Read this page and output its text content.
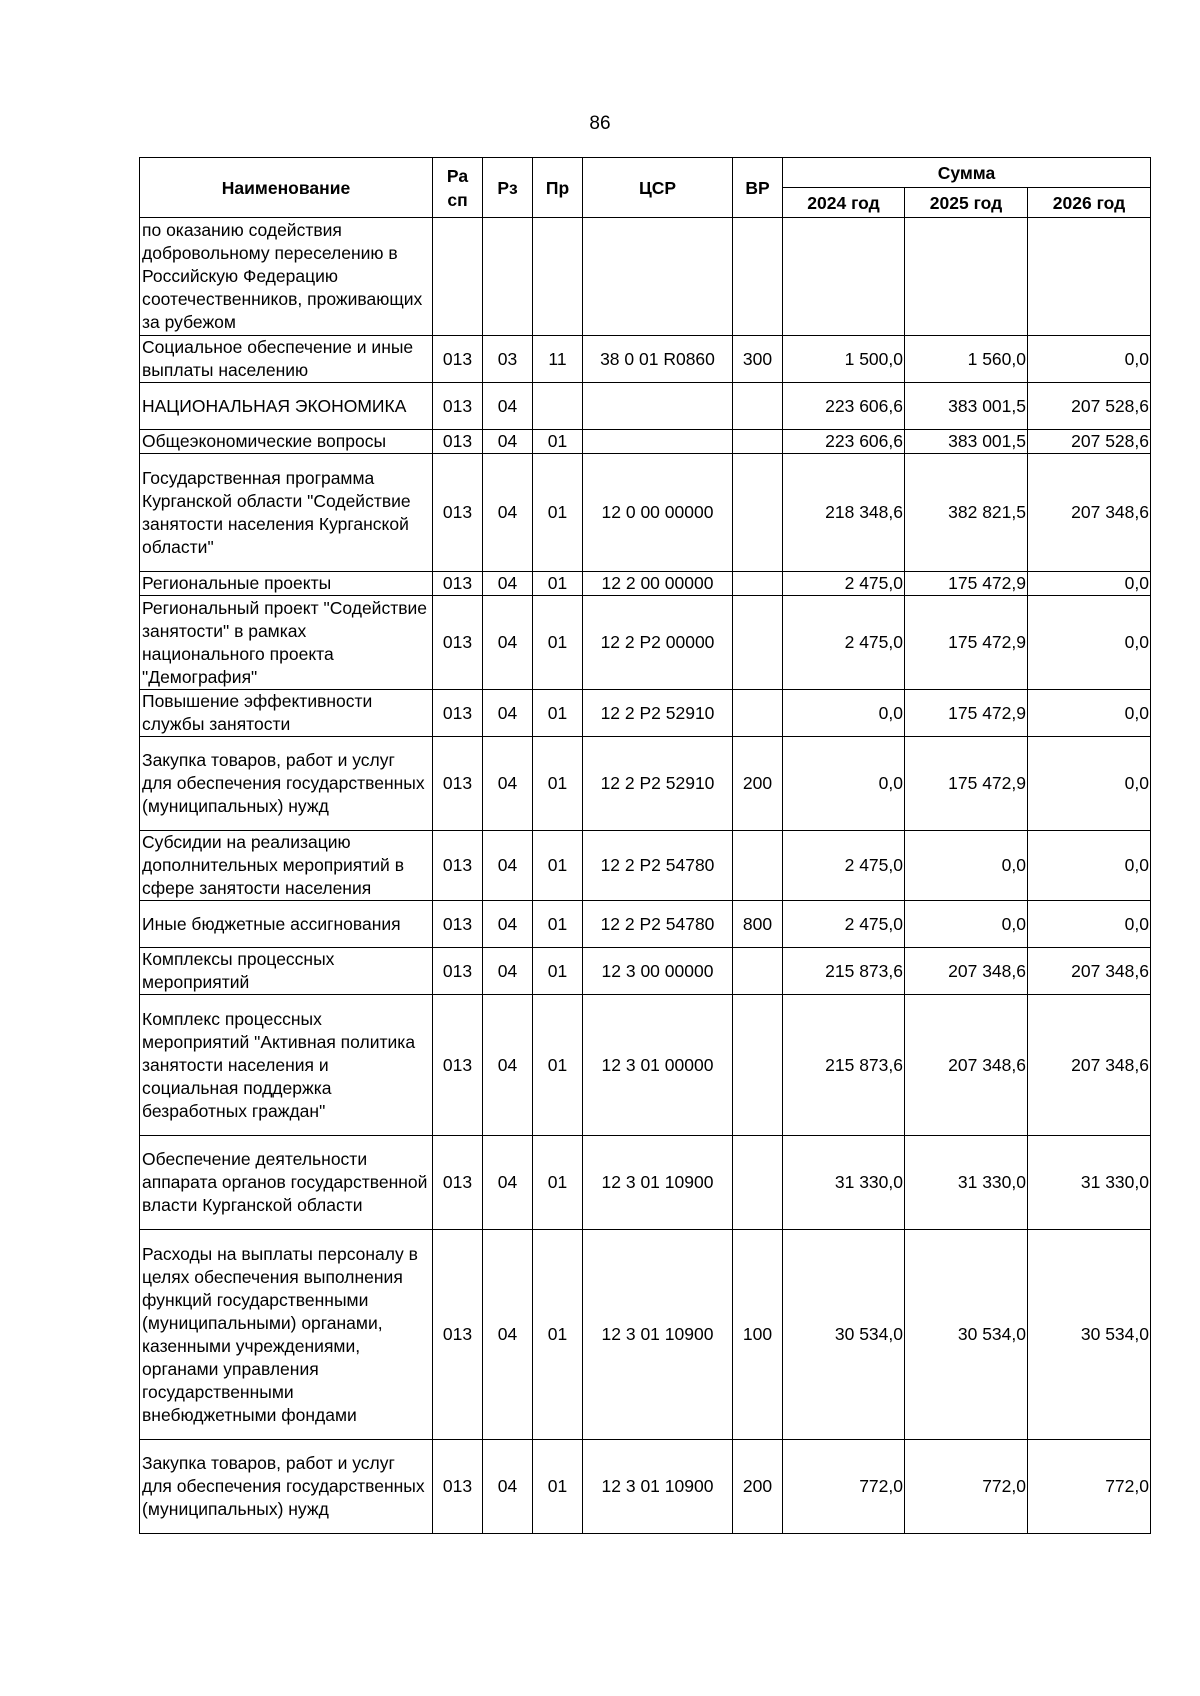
86
Наименование	Ра сп	Рз	Пр	ЦСР	ВР	Сумма		
						2024 год	2025 год	2026 год
по оказанию содействия добровольному переселению в Российскую Федерацию соотечественников, проживающих за рубежом								
Социальное обеспечение и иные выплаты населению	013	03	11	38 0 01 R0860	300	1 500,0	1 560,0	0,0
НАЦИОНАЛЬНАЯ ЭКОНОМИКА	013	04				223 606,6	383 001,5	207 528,6
Общеэкономические вопросы	013	04	01			223 606,6	383 001,5	207 528,6
Государственная программа Курганской области "Содействие занятости населения Курганской области"	013	04	01	12 0 00 00000		218 348,6	382 821,5	207 348,6
Региональные проекты	013	04	01	12 2 00 00000		2 475,0	175 472,9	0,0
Региональный проект "Содействие занятости" в рамках национального проекта "Демография"	013	04	01	12 2 P2 00000		2 475,0	175 472,9	0,0
Повышение эффективности службы занятости	013	04	01	12 2 P2 52910		0,0	175 472,9	0,0
Закупка товаров, работ и услуг для обеспечения государственных (муниципальных) нужд	013	04	01	12 2 P2 52910	200	0,0	175 472,9	0,0
Субсидии на реализацию дополнительных мероприятий в сфере занятости населения	013	04	01	12 2 P2 54780		2 475,0	0,0	0,0
Иные бюджетные ассигнования	013	04	01	12 2 P2 54780	800	2 475,0	0,0	0,0
Комплексы процессных мероприятий	013	04	01	12 3 00 00000		215 873,6	207 348,6	207 348,6
Комплекс процессных мероприятий "Активная политика занятости населения и социальная поддержка безработных граждан"	013	04	01	12 3 01 00000		215 873,6	207 348,6	207 348,6
Обеспечение деятельности аппарата органов государственной власти Курганской области	013	04	01	12 3 01 10900		31 330,0	31 330,0	31 330,0
Расходы на выплаты персоналу в целях обеспечения выполнения функций государственными (муниципальными) органами, казенными учреждениями, органами управления государственными внебюджетными фондами	013	04	01	12 3 01 10900	100	30 534,0	30 534,0	30 534,0
Закупка товаров, работ и услуг для обеспечения государственных (муниципальных) нужд	013	04	01	12 3 01 10900	200	772,0	772,0	772,0
